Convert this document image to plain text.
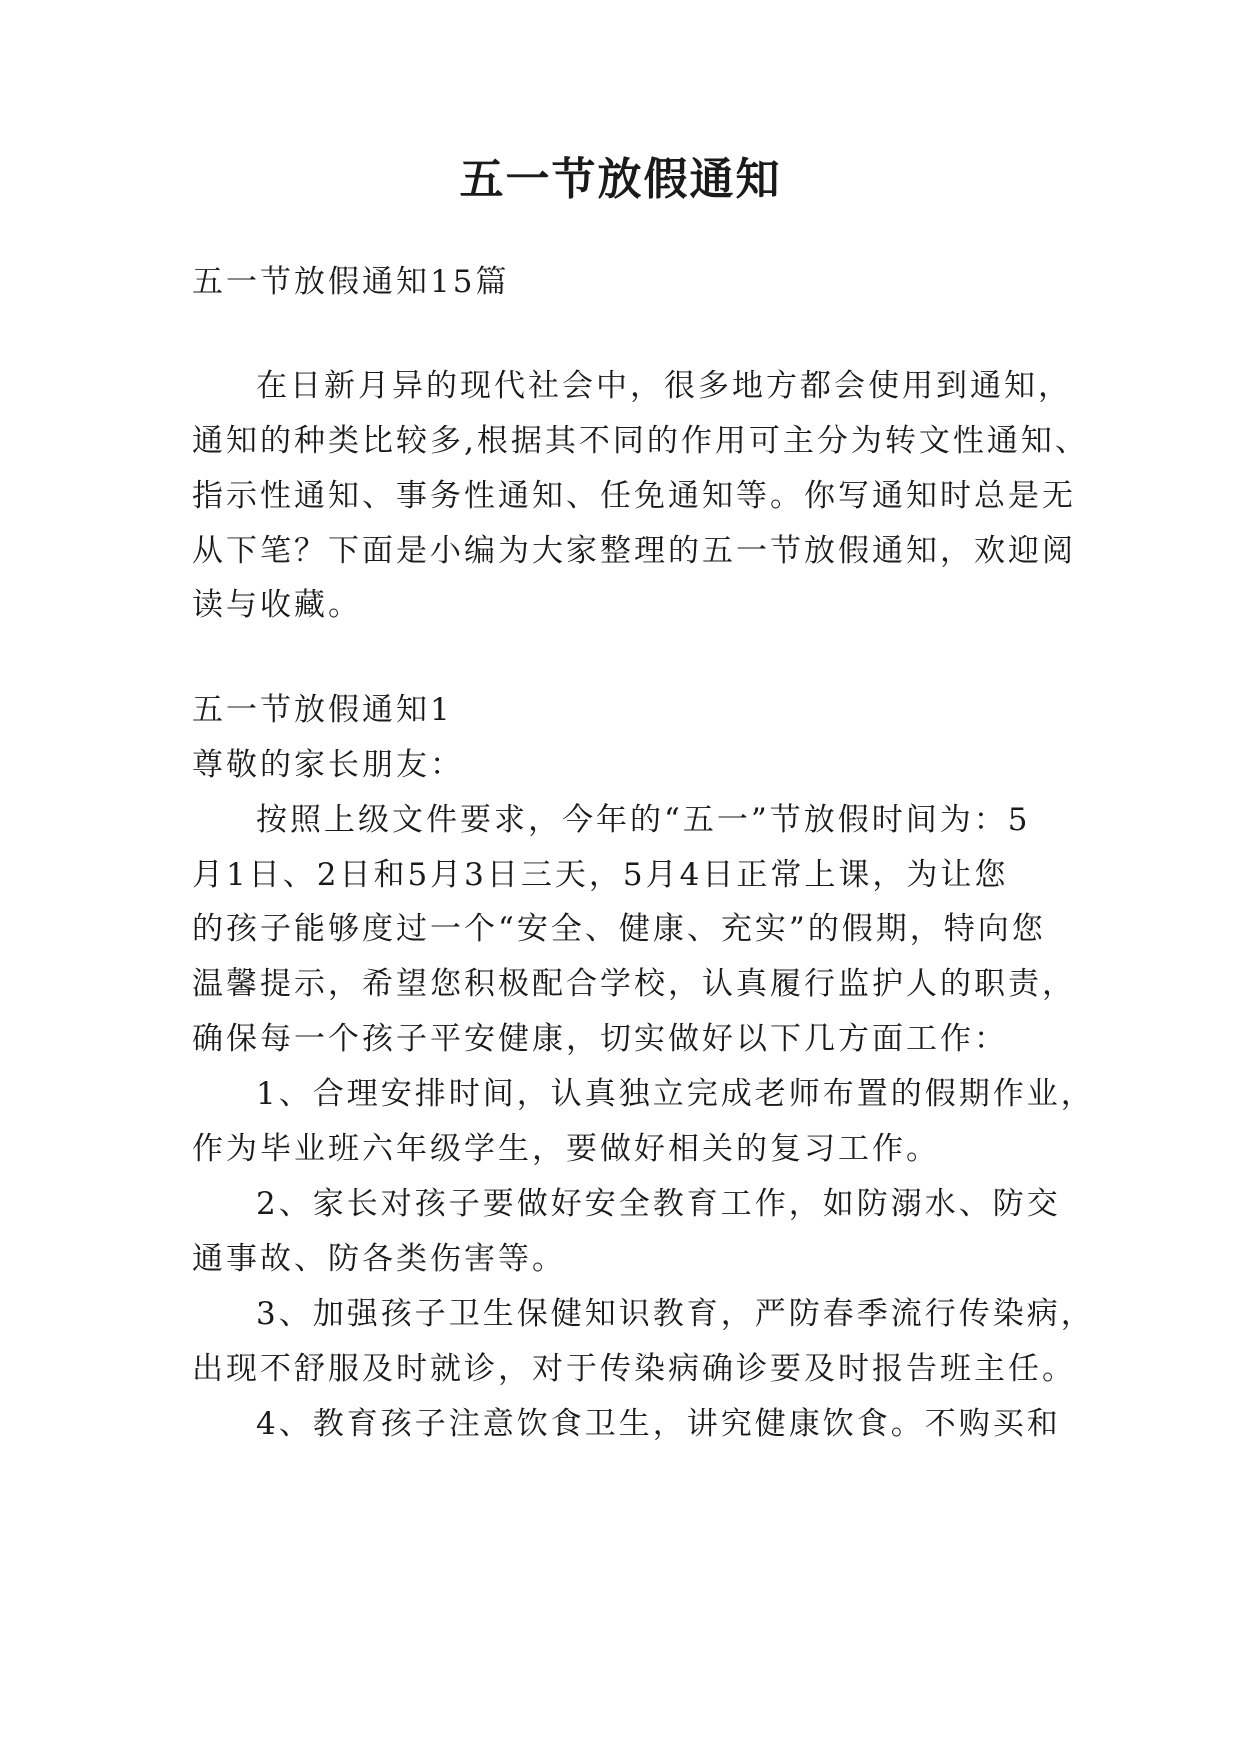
五一节放假通知
五一节放假通知15篇
在日新月异的现代社会中，很多地方都会使用到通知，
通知的种类比较多,根据其不同的作用可主分为转文性通知、
指示性通知、事务性通知、任免通知等。你写通知时总是无
从下笔？下面是小编为大家整理的五一节放假通知，欢迎阅
读与收藏。
五一节放假通知1
尊敬的家长朋友：
按照上级文件要求，今年的“五一”节放假时间为：5
月1日、2日和5月3日三天，5月4日正常上课，为让您
的孩子能够度过一个“安全、健康、充实”的假期，特向您
温馨提示，希望您积极配合学校，认真履行监护人的职责，
确保每一个孩子平安健康，切实做好以下几方面工作：
1、合理安排时间，认真独立完成老师布置的假期作业，
作为毕业班六年级学生，要做好相关的复习工作。
2、家长对孩子要做好安全教育工作，如防溺水、防交
通事故、防各类伤害等。
3、加强孩子卫生保健知识教育，严防春季流行传染病，
出现不舒服及时就诊，对于传染病确诊要及时报告班主任。
4、教育孩子注意饮食卫生，讲究健康饮食。不购买和
